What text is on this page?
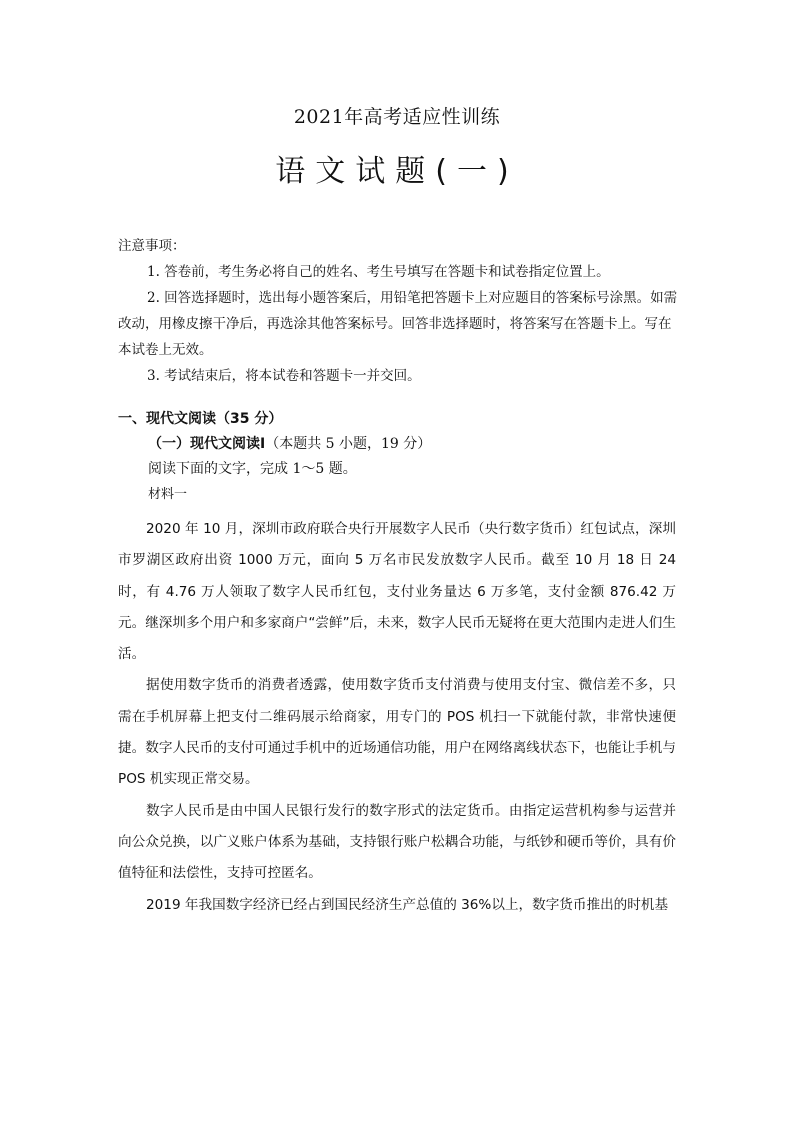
2021年高考适应性训练
语文试题(一)

注意事项：

1. 答卷前，考生务必将自己的姓名、考生号填写在答题卡和试卷指定位置上。

2. 回答选择题时，选出每小题答案后，用铅笔把答题卡上对应题目的答案标号涂黑。如需改动，用橡皮擦干净后，再选涂其他答案标号。回答非选择题时，将答案写在答题卡上。写在本试卷上无效。

3. 考试结束后，将本试卷和答题卡一并交回。

一、现代文阅读（35 分）

（一）现代文阅读Ⅰ（本题共 5 小题，19 分）

阅读下面的文字，完成 1～5 题。

材料一

2020 年 10 月，深圳市政府联合央行开展数字人民币（央行数字货币）红包试点，深圳市罗湖区政府出资 1000 万元，面向 5 万名市民发放数字人民币。截至 10 月 18 日 24 时，有 4.76 万人领取了数字人民币红包，支付业务量达 6 万多笔，支付金额 876.42 万元。继深圳多个用户和多家商户“尝鲜”后，未来，数字人民币无疑将在更大范围内走进人们生活。

据使用数字货币的消费者透露，使用数字货币支付消费与使用支付宝、微信差不多，只需在手机屏幕上把支付二维码展示给商家，用专门的 POS 机扫一下就能付款，非常快速便捷。数字人民币的支付可通过手机中的近场通信功能，用户在网络离线状态下，也能让手机与 POS 机实现正常交易。

数字人民币是由中国人民银行发行的数字形式的法定货币。由指定运营机构参与运营并向公众兑换，以广义账户体系为基础，支持银行账户松耦合功能，与纸钞和硬币等价，具有价值特征和法偿性，支持可控匿名。

2019 年我国数字经济已经占到国民经济生产总值的 36%以上，数字货币推出的时机基
